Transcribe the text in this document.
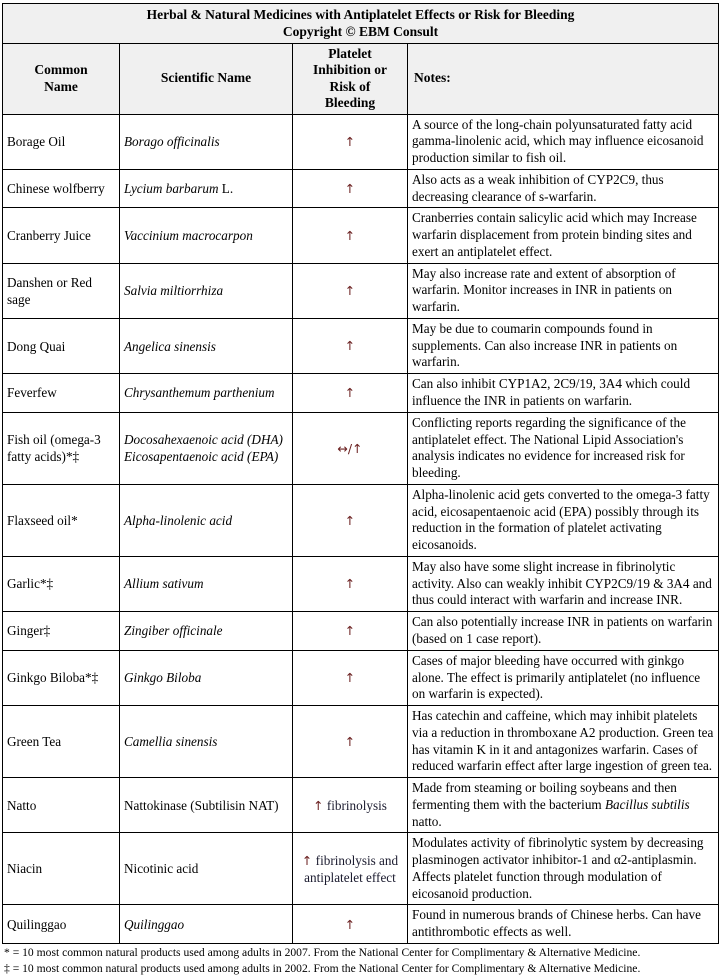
Herbal & Natural Medicines with Antiplatelet Effects or Risk for Bleeding
Copyright © EBM Consult			

Common
Name	Scientific Name	Platelet
Inhibition or
Risk of
Bleeding	Notes:
Borage Oil	Borago officinalis	↑	A source of the long-chain polyunsaturated fatty acid gamma-linolenic acid, which may influence eicosanoid production similar to fish oil.
Chinese wolfberry	Lycium barbarum L.	↑	Also acts as a weak inhibition of CYP2C9, thus decreasing clearance of s-warfarin.
Cranberry Juice	Vaccinium macrocarpon	↑	Cranberries contain salicylic acid which may Increase warfarin displacement from protein binding sites and exert an antiplatelet effect.
Danshen or Red sage	Salvia miltiorrhiza	↑	May also increase rate and extent of absorption of warfarin. Monitor increases in INR in patients on warfarin.
Dong Quai	Angelica sinensis	↑	May be due to coumarin compounds found in supplements. Can also increase INR in patients on warfarin.
Feverfew	Chrysanthemum parthenium	↑	Can also inhibit CYP1A2, 2C9/19, 3A4 which could influence the INR in patients on warfarin.
Fish oil (omega-3 fatty acids)*‡	Docosahexaenoic acid (DHA) Eicosapentaenoic acid (EPA)	↔/↑	Conflicting reports regarding the significance of the antiplatelet effect. The National Lipid Association's analysis indicates no evidence for increased risk for bleeding.
Flaxseed oil*	Alpha-linolenic acid	↑	Alpha-linolenic acid gets converted to the omega-3 fatty acid, eicosapentaenoic acid (EPA) possibly through its reduction in the formation of platelet activating eicosanoids.
Garlic*‡	Allium sativum	↑	May also have some slight increase in fibrinolytic activity. Also can weakly inhibit CYP2C9/19 & 3A4 and thus could interact with warfarin and increase INR.
Ginger‡	Zingiber officinale	↑	Can also potentially increase INR in patients on warfarin (based on 1 case report).
Ginkgo Biloba*‡	Ginkgo Biloba	↑	Cases of major bleeding have occurred with ginkgo alone. The effect is primarily antiplatelet (no influence on warfarin is expected).
Green Tea	Camellia sinensis	↑	Has catechin and caffeine, which may inhibit platelets via a reduction in thromboxane A2 production. Green tea has vitamin K in it and antagonizes warfarin. Cases of reduced warfarin effect after large ingestion of green tea.
Natto	Nattokinase (Subtilisin NAT)	↑ fibrinolysis	Made from steaming or boiling soybeans and then fermenting them with the bacterium Bacillus subtilis natto.
Niacin	Nicotinic acid	↑ fibrinolysis and antiplatelet effect	Modulates activity of fibrinolytic system by decreasing plasminogen activator inhibitor-1 and α2-antiplasmin. Affects platelet function through modulation of eicosanoid production.
Quilinggao	Quilinggao	↑	Found in numerous brands of Chinese herbs. Can have antithrombotic effects as well.
* = 10 most common natural products used among adults in 2007. From the National Center for Complimentary & Alternative Medicine.
‡ = 10 most common natural products used among adults in 2002. From the National Center for Complimentary & Alternative Medicine.
